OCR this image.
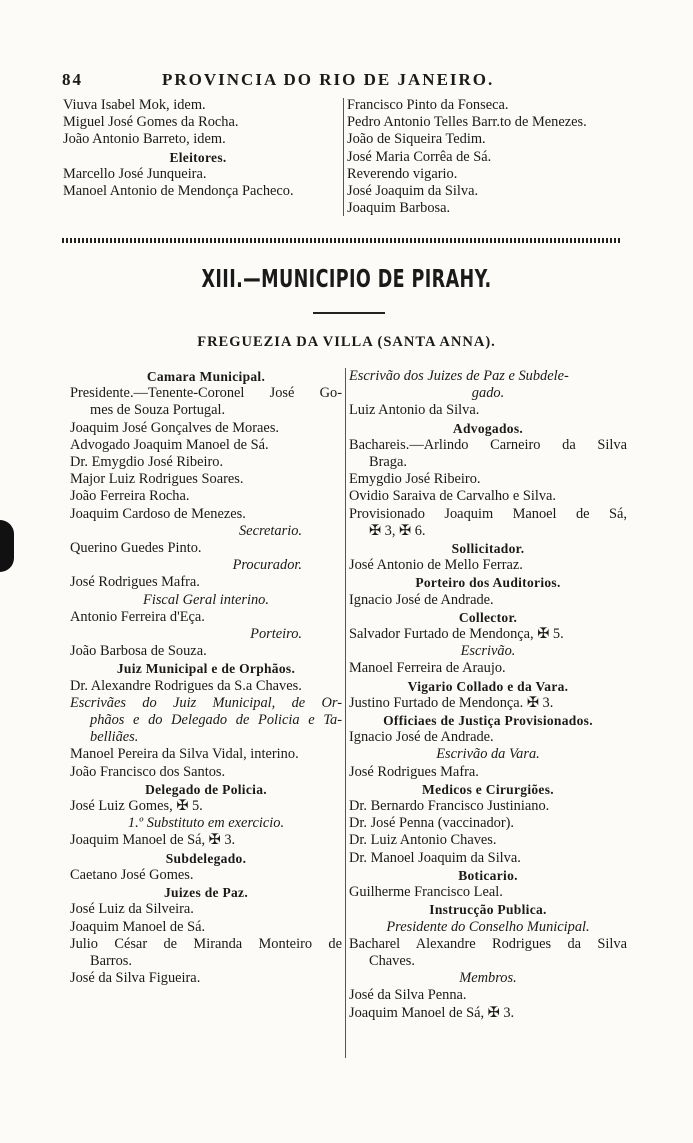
84	PROVINCIA DO RIO DE JANEIRO.
Viuva Isabel Mok, idem.
Miguel José Gomes da Rocha.
João Antonio Barreto, idem.
Eleitores.
Marcello José Junqueira.
Manoel Antonio de Mendonça Pacheco.
Francisco Pinto da Fonseca.
Pedro Antonio Telles Barr.to de Menezes.
João de Siqueira Tedim.
José Maria Corrêa de Sá.
Reverendo vigario.
José Joaquim da Silva.
Joaquim Barbosa.
XIII.—MUNICIPIO DE PIRAHY.
FREGUEZIA DA VILLA (SANTA ANNA).
Camara Municipal.
Presidente.—Tenente-Coronel José Go-
mes de Souza Portugal.
Joaquim José Gonçalves de Moraes.
Advogado Joaquim Manoel de Sá.
Dr. Emygdio José Ribeiro.
Major Luiz Rodrigues Soares.
João Ferreira Rocha.
Joaquim Cardoso de Menezes.
Secretario.
Querino Guedes Pinto.
Procurador.
José Rodrigues Mafra.
Fiscal Geral interino.
Antonio Ferreira d'Eça.
Porteiro.
João Barbosa de Souza.
Juiz Municipal e de Orphãos.
Dr. Alexandre Rodrigues da S.a Chaves.
Escrivães do Juiz Municipal, de Or-
phãos e do Delegado de Policia e Ta-
belliães.
Manoel Pereira da Silva Vidal, interino.
João Francisco dos Santos.
Delegado de Policia.
José Luiz Gomes, ✠ 5.
1.º Substituto em exercicio.
Joaquim Manoel de Sá, ✠ 3.
Subdelegado.
Caetano José Gomes.
Juizes de Paz.
José Luiz da Silveira.
Joaquim Manoel de Sá.
Julio César de Miranda Monteiro de
Barros.
José da Silva Figueira.
Escrivão dos Juizes de Paz e Subdele-
gado.
Luiz Antonio da Silva.
Advogados.
Bachareis.—Arlindo Carneiro da Silva
Braga.
Emygdio José Ribeiro.
Ovidio Saraiva de Carvalho e Silva.
Provisionado Joaquim Manoel de Sá,
✠ 3, ✠ 6.
Sollicitador.
José Antonio de Mello Ferraz.
Porteiro dos Auditorios.
Ignacio José de Andrade.
Collector.
Salvador Furtado de Mendonça, ✠ 5.
Escrivão.
Manoel Ferreira de Araujo.
Vigario Collado e da Vara.
Justino Furtado de Mendonça. ✠ 3.
Officiaes de Justiça Provisionados.
Ignacio José de Andrade.
Escrivão da Vara.
José Rodrigues Mafra.
Medicos e Cirurgiões.
Dr. Bernardo Francisco Justiniano.
Dr. José Penna (vaccinador).
Dr. Luiz Antonio Chaves.
Dr. Manoel Joaquim da Silva.
Boticario.
Guilherme Francisco Leal.
Instrucção Publica.
Presidente do Conselho Municipal.
Bacharel Alexandre Rodrigues da Silva
Chaves.
Membros.
José da Silva Penna.
Joaquim Manoel de Sá, ✠ 3.
